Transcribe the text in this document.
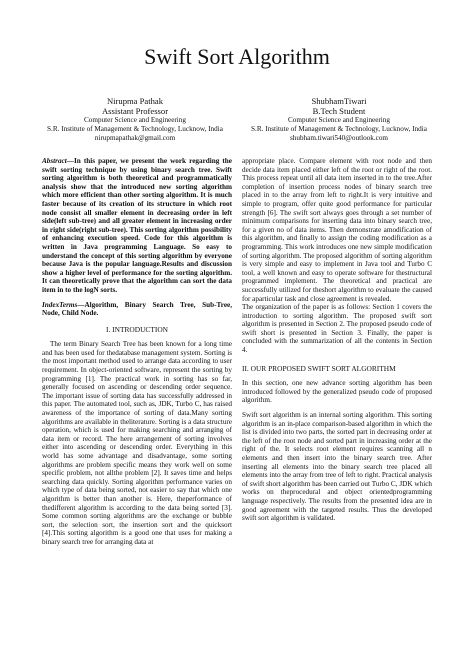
Swift Sort Algorithm
Nirupma Pathak
Assistant Professor
Computer Science and Engineering
S.R. Institute of Management & Technology, Lucknow, India
nirupmapathak@gmail.com
ShubhamTiwari
B.Tech Student
Computer Science and Engineering
S.R. Institute of Management & Technology, Lucknow, India
shubham.tiwari540@outlook.com

Abstract—In this paper, we present the work regarding the swift sorting technique by using binary search tree. Swift sorting algorithm is both theoretical and programmatically analysis show that the introduced new sorting algorithm which more efficient than other sorting algorithm. It is much faster because of its creation of its structure in which root node consist all smaller element in decreasing order in left side(left sub-tree) and all greater element in increasing order in right side(right sub-tree). This sorting algorithm possibility of enhancing execution speed. Code for this algorithm is written in Java programming Language. So easy to understand the concept of this sorting algorithm by everyone because Java is the popular language.Results and discussion show a higher level of performance for the sorting algorithm. It can theoretically prove that the algorithm can sort the data item in to the logN sorts.

IndexTerms—Algorithm, Binary Search Tree, Sub-Tree, Node, Child Node.

I. INTRODUCTION

The term Binary Search Tree has been known for a long time and has been used for thedatabase management system. Sorting is the most important method used to arrange data according to user requirement. In object-oriented software, represent the sorting by programming [1]. The practical work in sorting has so far, generally focused on ascending or descending order sequence. The important issue of sorting data has successfully addressed in this paper. The automated tool, such as, JDK, Turbo C, has raised awareness of the importance of sorting of data.Many sorting algorithms are available in theliterature. Sorting is a data structure operation, which is used for making searching and arranging of data item or record. The here arrangement of sorting involves either into ascending or descending order. Everything in this world has some advantage and disadvantage, some sorting algorithms are problem specific means they work well on some specific problem, not allthe problem [2]. It saves time and helps searching data quickly. Sorting algorithm performance varies on which type of data being sorted, not easier to say that which one algorithm is better than another is. Here, theperformance of thedifferent algorithm is according to the data being sorted [3]. Some common sorting algorithms are the exchange or bubble sort, the selection sort, the insertion sort and the quicksort [4].This sorting algorithm is a good one that uses for making a binary search tree for arranging data at

appropriate place. Compare element with root node and then decide data item placed either left of the root or right of the root. This process repeat until all data item inserted in to the tree.After completion of insertion process nodes of binary search tree placed in to the array from left to right.It is very intuitive and simple to program, offer quite good performance for particular strength [6]. The swift sort always goes through a set number of minimum comparisons for inserting data into binary search tree, for a given no of data items. Then demonstrate amodification of this algorithm, and finally to assign the coding modification as a programming. This work introduces one new simple modification of sorting algorithm. The proposed algorithm of sorting algorithm is very simple and easy to implement in Java tool and Turbo C tool, a well known and easy to operate software for thestructural programmed implement. The theoretical and practical are successfully utilized for theshort algorithm to evaluate the caused for aparticular task and close agreement is revealed.

The organization of the paper is as follows: Section 1 covers the introduction to sorting algorithm. The proposed swift sort algorithm is presented in Section 2. The proposed pseudo code of swift short is presented in Section 3. Finally, the paper is concluded with the summarization of all the contents in Section 4.

II. OUR PROPOSED SWIFT SORT ALGORITHM

In this section, one new advance sorting algorithm has been introduced followed by the generalized pseudo code of proposed algorithm.

Swift sort algorithm is an internal sorting algorithm. This sorting algorithm is an in-place comparison-based algorithm in which the list is divided into two parts, the sorted part in decreasing order at the left of the root node and sorted part in increasing order at the right of the. It selects root element requires scanning all n elements and then insert into the binary search tree. After inserting all elements into the binary search tree placed all elements into the array from tree of left to right. Practical analysis of swift short algorithm has been carried out Turbo C, JDK which works on theprocedural and object orientedprogramming language respectively. The results from the presented idea are in good agreement with the targeted results. Thus the developed swift sort algorithm is validated.
